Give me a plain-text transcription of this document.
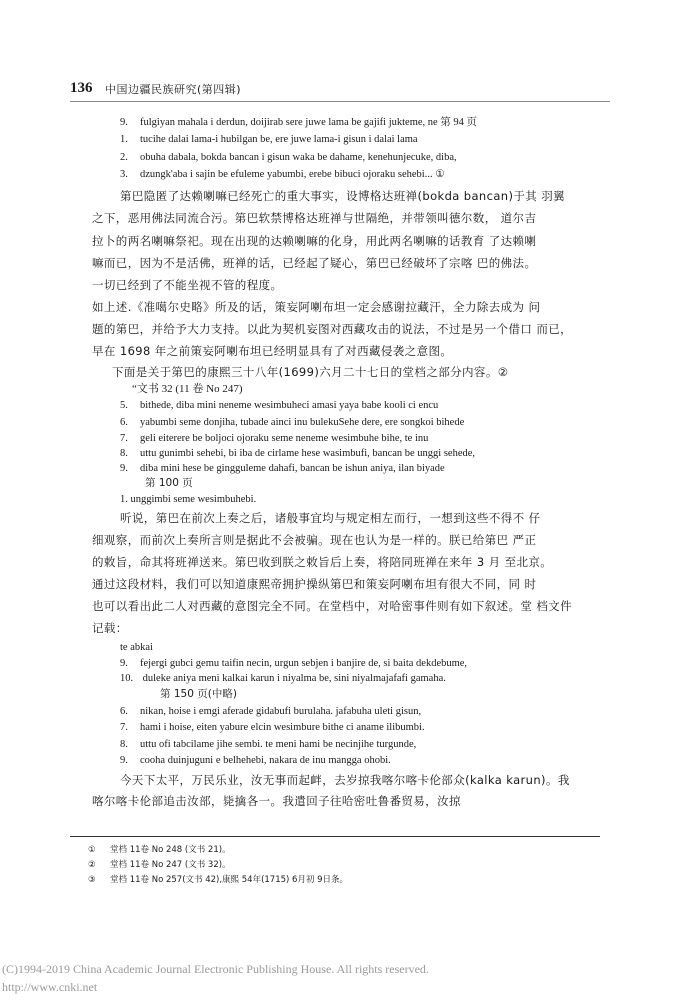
136 中国边疆民族研究(第四辑)
9. fulgiyan mahala i derdun, doijirab sere juwe lama be gajifi jukteme, ne 第 94 页
1. tucihe dalai lama-i hubilgan be, ere juwe lama-i gisun i dalai lama
2. obuha dabala, bokda bancan i gisun waka be dahame, kenehunjecuke, diba,
3. dzungk'aba i sajin be efuleme yabumbi, erebe bibuci ojoraku sehebi... ①
第巴隐匿了达赖喇嘛已经死亡的重大事实，设博格达班禅(bokda bancan)于其 羽翼
之下，恶用佛法同流合污。第巴软禁博格达班禅与世隔绝，并带领叫德尔数， 道尔吉
拉卜的两名喇嘛祭祀。现在出现的达赖喇嘛的化身，用此两名喇嘛的话教育 了达赖喇
嘛而已，因为不是活佛，班禅的话，已经起了疑心，第巴已经破坏了宗喀 巴的佛法。
一切已经到了不能坐视不管的程度。
如上述.《准噶尔史略》所及的话，策妄阿喇布坦一定会感谢拉藏汗，全力除去成为 问
题的第巴，并给予大力支持。以此为契机妄图对西藏攻击的说法，不过是另一个借口 而已，
早在 1698 年之前策妄阿喇布坦已经明显具有了对西藏侵袭之意图。
下面是关于第巴的康熙三十八年(1699)六月二十七日的堂档之部分内容。②
“文书 32 (11 卷 No 247)
5. bithede, diba mini neneme wesimbuheci amasi yaya babe kooli ci encu
6. yabumbi seme donjiha, tubade ainci inu bulekuSehe dere, ere songkoi bihede
7. geli eiterere be boljoci ojoraku seme neneme wesimbuhe bihe, te inu
8. uttu gunimbi sehebi, bi iba de cirlame hese wasimbufi, bancan be unggi sehede,
9. diba mini hese be gingguleme dahafi, bancan be ishun aniya, ilan biyade
第 100 页
1. unggimbi seme wesimbuhebi.
听说，第巴在前次上奏之后，诸般事宜均与规定相左而行，一想到这些不得不 仔
细观察，而前次上奏所言则是据此不会被骗。现在也认为是一样的。朕已给第巴 严正
的敕旨，命其将班禅送来。第巴收到朕之敕旨后上奏，将陪同班禅在来年 3 月 至北京。
通过这段材料，我们可以知道康熙帝拥护操纵第巴和策妄阿喇布坦有很大不同，同 时
也可以看出此二人对西藏的意图完全不同。在堂档中，对哈密事件则有如下叙述。堂 档文件
记载：
te abkai
9. fejergi gubci gemu taifin necin, urgun sebjen i banjire de, si baita dekdebume,
10. duleke aniya meni kalkai karun i niyalma be, sini niyalmajafafi gamaha.
第 150 页(中略)
6. nikan, hoise i emgi aferade gidabufi burulaha. jafabuha uleti gisun,
7. hami i hoise, eiten yabure elcin wesimbure bithe ci aname ilibumbi.
8. uttu ofi tabcilame jihe sembi. te meni hami be necinjihe turgunde,
9. cooha duinjuguni e belhehebi, nakara de inu mangga ohobi.
今天下太平，万民乐业，汝无事而起衅，去岁掠我喀尔喀卡伦部众(kalka karun)。我
喀尔喀卡伦部追击汝部，毙擒各一。我遣回子往哈密吐鲁番贸易，汝掠
① 堂档 11卷 No 248 (文书 21)。
② 堂档 11卷 No 247 (文书 32)。
③ 堂档 11卷 No 257(文书 42),康熙 54年(1715) 6月初 9日条。
(C)1994-2019 China Academic Journal Electronic Publishing House. All rights reserved.
http://www.cnki.net
